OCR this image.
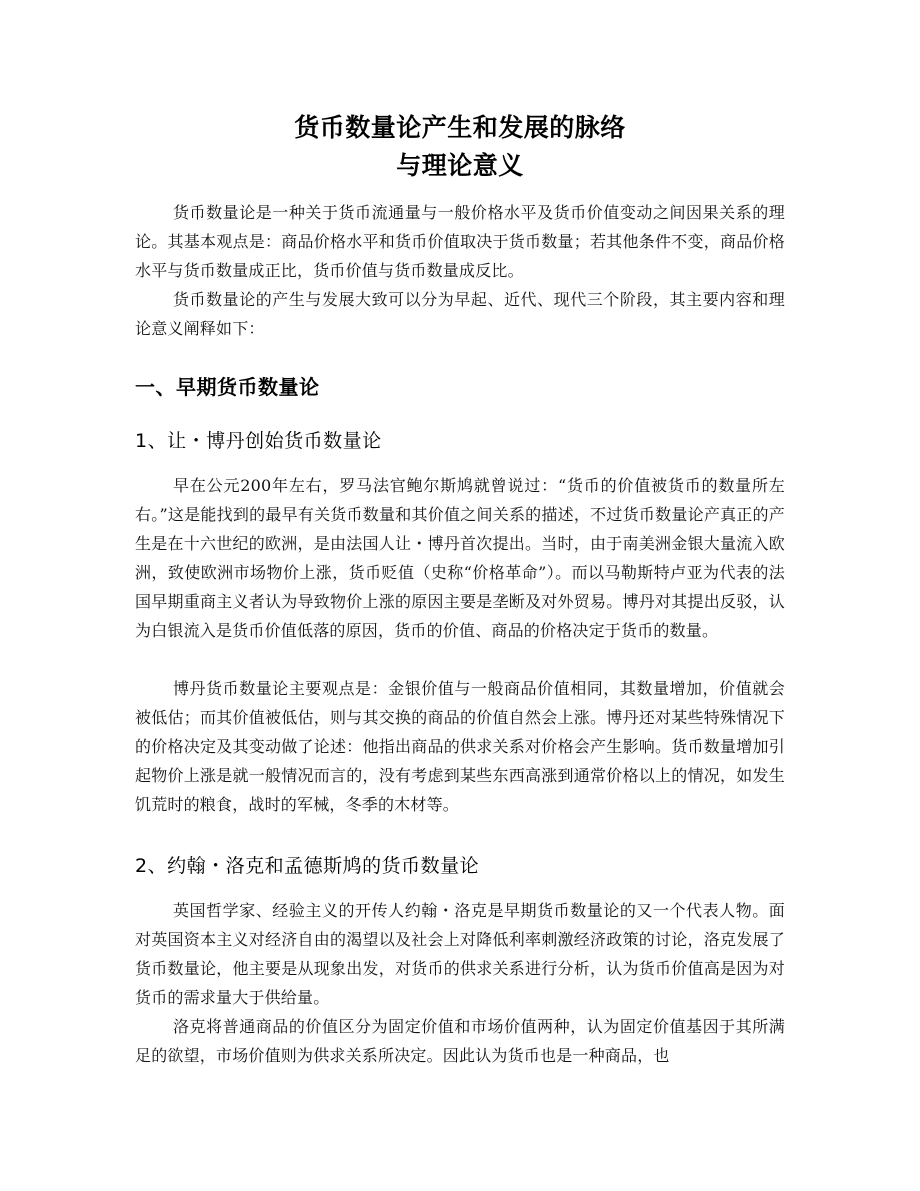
货币数量论产生和发展的脉络
与理论意义

货币数量论是一种关于货币流通量与一般价格水平及货币价值变动之间因果关系的理论。其基本观点是：商品价格水平和货币价值取决于货币数量；若其他条件不变，商品价格水平与货币数量成正比，货币价值与货币数量成反比。

货币数量论的产生与发展大致可以分为早起、近代、现代三个阶段，其主要内容和理论意义阐释如下：

一、早期货币数量论
1、让・博丹创始货币数量论

早在公元200年左右，罗马法官鲍尔斯鸠就曾说过：“货币的价值被货币的数量所左右。”这是能找到的最早有关货币数量和其价值之间关系的描述，不过货币数量论产真正的产生是在十六世纪的欧洲，是由法国人让・博丹首次提出。当时，由于南美洲金银大量流入欧洲，致使欧洲市场物价上涨，货币贬值（史称“价格革命”）。而以马勒斯特卢亚为代表的法国早期重商主义者认为导致物价上涨的原因主要是垄断及对外贸易。博丹对其提出反驳，认为白银流入是货币价值低落的原因，货币的价值、商品的价格决定于货币的数量。

博丹货币数量论主要观点是：金银价值与一般商品价值相同，其数量增加，价值就会被低估；而其价值被低估，则与其交换的商品的价值自然会上涨。博丹还对某些特殊情况下的价格决定及其变动做了论述：他指出商品的供求关系对价格会产生影响。货币数量增加引起物价上涨是就一般情况而言的，没有考虑到某些东西高涨到通常价格以上的情况，如发生饥荒时的粮食，战时的军械，冬季的木材等。

2、约翰・洛克和孟德斯鸠的货币数量论

英国哲学家、经验主义的开传人约翰・洛克是早期货币数量论的又一个代表人物。面对英国资本主义对经济自由的渴望以及社会上对降低利率刺激经济政策的讨论，洛克发展了货币数量论，他主要是从现象出发，对货币的供求关系进行分析，认为货币价值高是因为对货币的需求量大于供给量。

洛克将普通商品的价值区分为固定价值和市场价值两种，认为固定价值基因于其所满足的欲望，市场价值则为供求关系所决定。因此认为货币也是一种商品，也
